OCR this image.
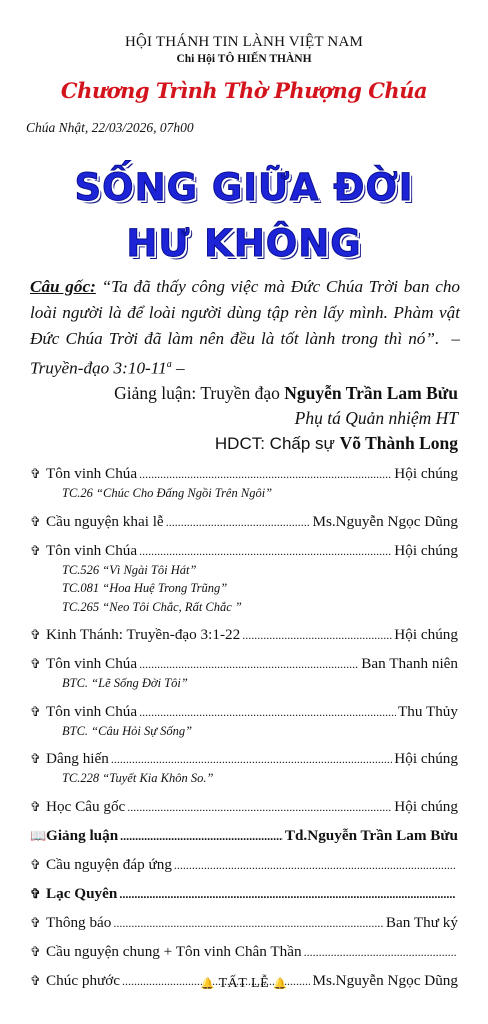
HỘI THÁNH TIN LÀNH VIỆT NAM
Chi Hội TÔ HIẾN THÀNH
Chương Trình Thờ Phượng Chúa
Chúa Nhật, 22/03/2026, 07h00
SỐNG GIỮA ĐỜI
HƯ KHÔNG
Câu gốc: “Ta đã thấy công việc mà Đức Chúa Trời ban cho loài người là để loài người dùng tập rèn lấy mình. Phàm vật Đức Chúa Trời đã làm nên đều là tốt lành trong thì nó”. – Truyền-đạo 3:10-11$^a$ –
Giảng luận: Truyền đạo Nguyễn Trần Lam Bửu
Phụ tá Quản nhiệm HT
HDCT: Chấp sự Võ Thành Long
✞ Tôn vinh Chúa .....	Hội chúng
TC.26 “Chúc Cho Đấng Ngồi Trên Ngôi”
✞ Cầu nguyện khai lễ .....	Ms.Nguyễn Ngọc Dũng
✞ Tôn vinh Chúa .....	Hội chúng
TC.526 “Vì Ngài Tôi Hát”
TC.081 “Hoa Huệ Trong Trũng”
TC.265 “Neo Tôi Chắc, Rất Chắc ”
✞ Kinh Thánh: Truyền-đạo 3:1-22 .....	Hội chúng
✞ Tôn vinh Chúa .....	Ban Thanh niên
BTC. “Lẽ Sống Đời Tôi”
✞ Tôn vinh Chúa .....	Thu Thủy
BTC. “Câu Hỏi Sự Sống”
✞ Dâng hiến .....	Hội chúng
TC.228 “Tuyết Kia Khôn So.”
✞ Học Câu gốc .....	Hội chúng
📖 Giảng luận .....	Td.Nguyễn Trần Lam Bửu
✞ Cầu nguyện đáp ứng
.....
✞ Lạc Quyên
.....
✞ Thông báo .....	Ban Thư ký
✞ Cầu nguyện chung + Tôn vinh Chân Thần
.....
✞ Chúc phước .....	Ms.Nguyễn Ngọc Dũng
🔔 TẤT LỄ 🔔
